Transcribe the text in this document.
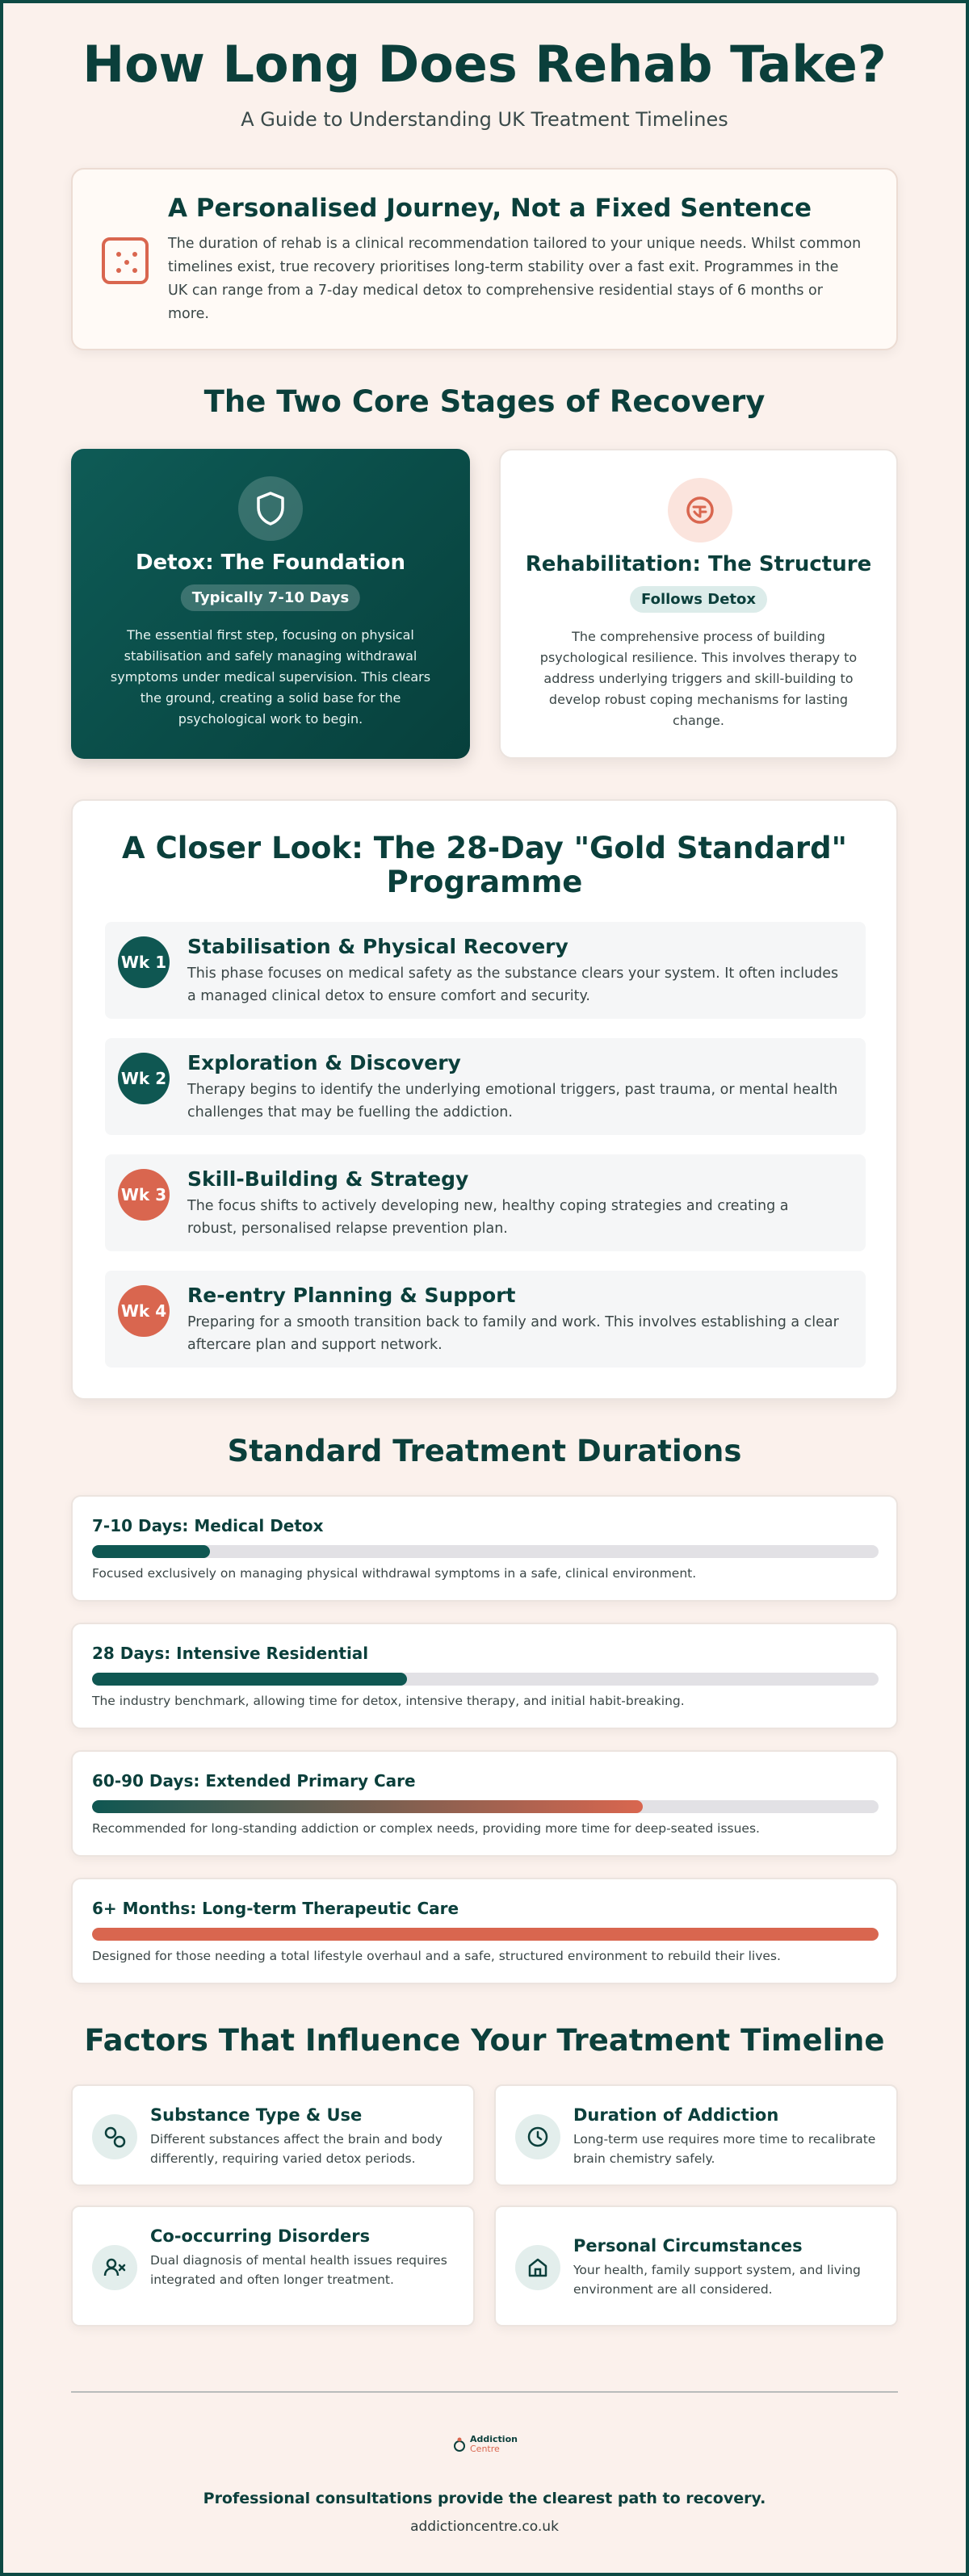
How Long Does Rehab Take?
A Guide to Understanding UK Treatment Timelines
A Personalised Journey, Not a Fixed Sentence
The duration of rehab is a clinical recommendation tailored to your unique needs. Whilst common timelines exist, true recovery prioritises long-term stability over a fast exit. Programmes in the UK can range from a 7-day medical detox to comprehensive residential stays of 6 months or more.
The Two Core Stages of Recovery
Detox: The Foundation
Typically 7-10 Days
The essential first step, focusing on physical stabilisation and safely managing withdrawal symptoms under medical supervision. This clears the ground, creating a solid base for the psychological work to begin.
Rehabilitation: The Structure
Follows Detox
The comprehensive process of building psychological resilience. This involves therapy to address underlying triggers and skill-building to develop robust coping mechanisms for lasting change.
A Closer Look: The 28-Day "Gold Standard" Programme
Wk 1
Stabilisation & Physical Recovery
This phase focuses on medical safety as the substance clears your system. It often includes a managed clinical detox to ensure comfort and security.
Wk 2
Exploration & Discovery
Therapy begins to identify the underlying emotional triggers, past trauma, or mental health challenges that may be fuelling the addiction.
Wk 3
Skill-Building & Strategy
The focus shifts to actively developing new, healthy coping strategies and creating a robust, personalised relapse prevention plan.
Wk 4
Re-entry Planning & Support
Preparing for a smooth transition back to family and work. This involves establishing a clear aftercare plan and support network.
Standard Treatment Durations
7-10 Days: Medical Detox
Focused exclusively on managing physical withdrawal symptoms in a safe, clinical environment.
28 Days: Intensive Residential
The industry benchmark, allowing time for detox, intensive therapy, and initial habit-breaking.
60-90 Days: Extended Primary Care
Recommended for long-standing addiction or complex needs, providing more time for deep-seated issues.
6+ Months: Long-term Therapeutic Care
Designed for those needing a total lifestyle overhaul and a safe, structured environment to rebuild their lives.
Factors That Influence Your Treatment Timeline
Substance Type & Use
Different substances affect the brain and body differently, requiring varied detox periods.
Duration of Addiction
Long-term use requires more time to recalibrate brain chemistry safely.
Co-occurring Disorders
Dual diagnosis of mental health issues requires integrated and often longer treatment.
Personal Circumstances
Your health, family support system, and living environment are all considered.
Addiction
Centre
Professional consultations provide the clearest path to recovery.
addictioncentre.co.uk
